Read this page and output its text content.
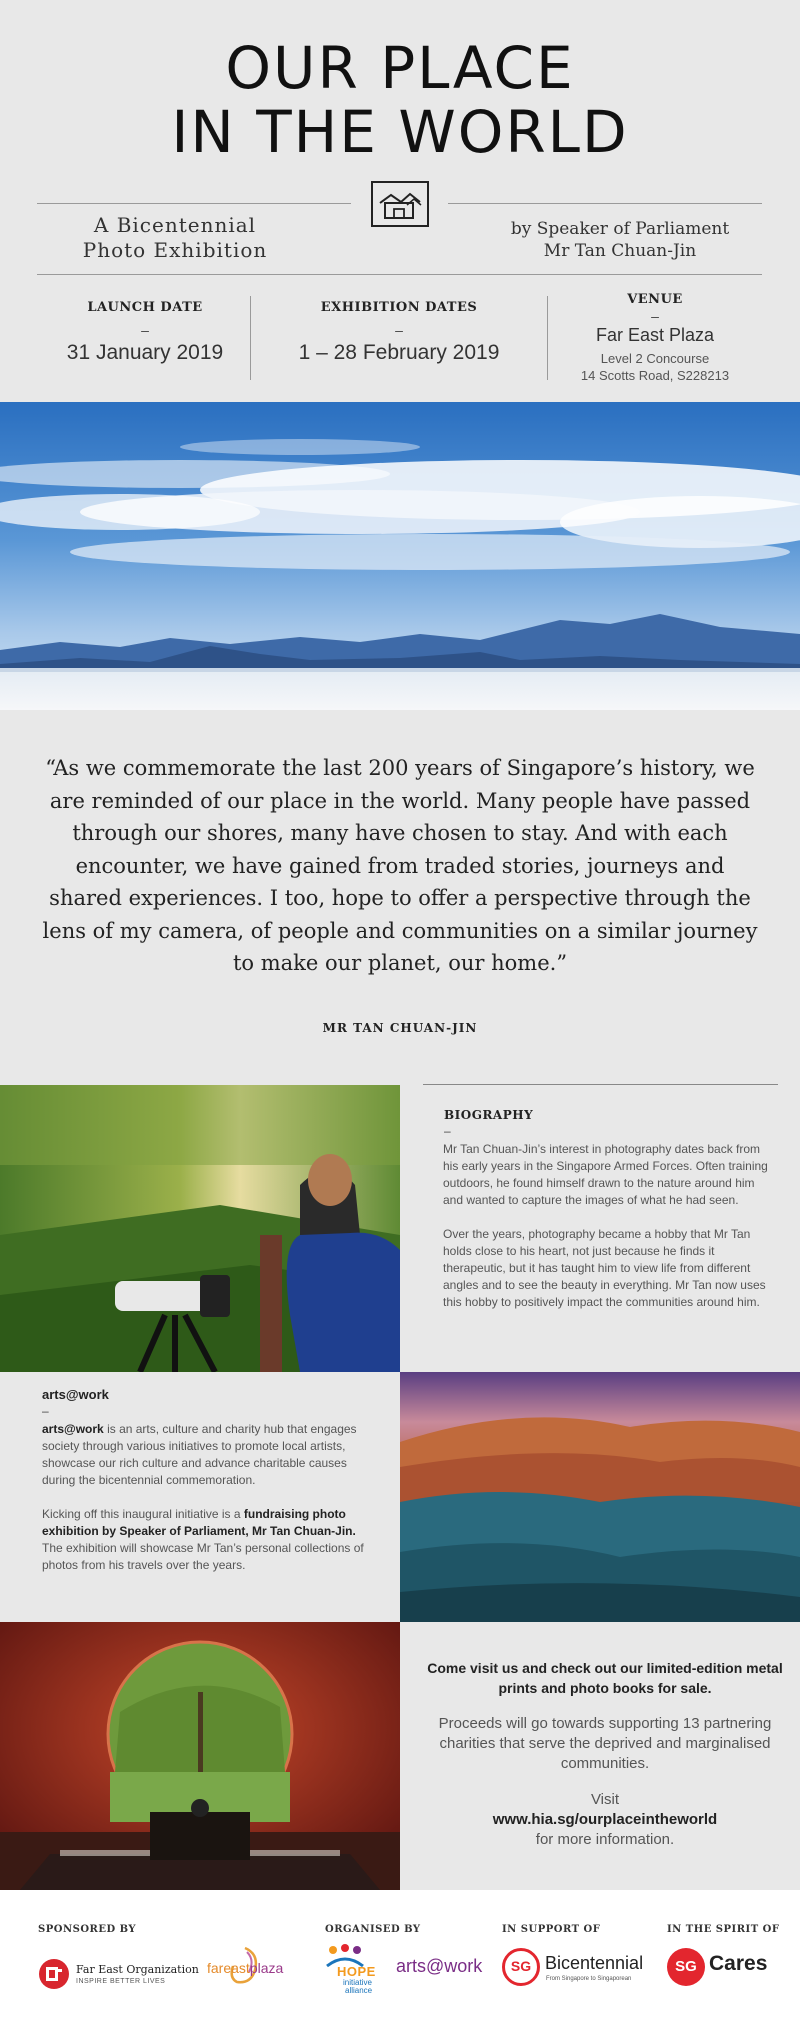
OUR PLACE
IN THE WORLD
A Bicentennial
Photo Exhibition
by Speaker of Parliament
Mr Tan Chuan-Jin
LAUNCH DATE
–
31 January 2019
EXHIBITION DATES
–
1 – 28 February 2019
VENUE
–
Far East Plaza
Level 2 Concourse
14 Scotts Road, S228213
“As we commemorate the last 200 years of Singapore’s history, we are reminded of our place in the world. Many people have passed through our shores, many have chosen to stay. And with each encounter, we have gained from traded stories, journeys and shared experiences. I too, hope to offer a perspective through the lens of my camera, of people and communities on a similar journey to make our planet, our home.”
MR TAN CHUAN-JIN
BIOGRAPHY
–

Mr Tan Chuan-Jin’s interest in photography dates back from his early years in the Singapore Armed Forces. Often training outdoors, he found himself drawn to the nature around him and wanted to capture the images of what he had seen.

Over the years, photography became a hobby that Mr Tan holds close to his heart, not just because he finds it therapeutic, but it has taught him to view life from different angles and to see the beauty in everything. Mr Tan now uses this hobby to positively impact the communities around him.

arts@work
–

arts@work is an arts, culture and charity hub that engages society through various initiatives to promote local artists, showcase our rich culture and advance charitable causes during the bicentennial commemoration.

Kicking off this inaugural initiative is a fundraising photo exhibition by Speaker of Parliament, Mr Tan Chuan-Jin. The exhibition will showcase Mr Tan’s personal collections of photos from his travels over the years.

Come visit us and check out our limited-edition metal prints and photo books for sale.
Proceeds will go towards supporting 13 partnering charities that serve the deprived and marginalised communities.
Visit
www.hia.sg/ourplaceintheworld
for more information.
SPONSORED BY	ORGANISED BY	IN SUPPORT OF	IN THE SPIRIT OF
Far East Organization
INSPIRE BETTER LIVES
fareastplaza	HOPE
initiative
alliance
arts@work	SG Bicentennial
From Singapore to Singaporean
SG Cares
